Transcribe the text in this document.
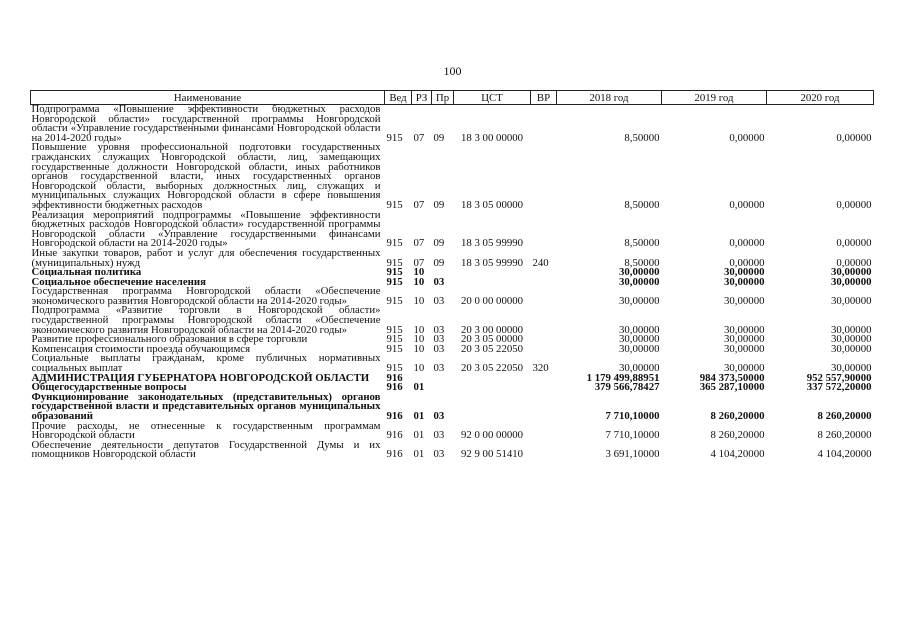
100
Наименование	Вед	РЗ	Пр	ЦСТ	ВР	2018 год	2019 год	2020 год
Подпрограмма «Повышение эффективности бюджетных расходов Новгородской области» государственной программы Новгородской области «Управление государственными финансами Новгородской области на 2014-2020 годы»	915	07	09	18 3 00 00000		8,50000	0,00000	0,00000
Повышение уровня профессиональной подготовки государственных гражданских служащих Новгородской области, лиц, замещающих государственные должности Новгородской области, иных работников органов государственной власти, иных государственных органов Новгородской области, выборных должностных лиц, служащих и муниципальных служащих Новгородской области в сфере повышения эффективности бюджетных расходов	915	07	09	18 3 05 00000		8,50000	0,00000	0,00000
Реализация мероприятий подпрограммы «Повышение эффективности бюджетных расходов Новгородской области» государственной программы Новгородской области «Управление государственными финансами Новгородской области на 2014-2020 годы»	915	07	09	18 3 05 99990		8,50000	0,00000	0,00000
Иные закупки товаров, работ и услуг для обеспечения государственных (муниципальных) нужд	915	07	09	18 3 05 99990	240	8,50000	0,00000	0,00000
Социальная политика	915	10				30,00000	30,00000	30,00000
Социальное обеспечение населения	915	10	03			30,00000	30,00000	30,00000
Государственная программа Новгородской области «Обеспечение экономического развития Новгородской области на 2014-2020 годы»	915	10	03	20 0 00 00000		30,00000	30,00000	30,00000
Подпрограмма «Развитие торговли в Новгородской области» государственной программы Новгородской области «Обеспечение экономического развития Новгородской области на 2014-2020 годы»	915	10	03	20 3 00 00000		30,00000	30,00000	30,00000
Развитие профессионального образования в сфере торговли	915	10	03	20 3 05 00000		30,00000	30,00000	30,00000
Компенсация стоимости проезда обучающимся	915	10	03	20 3 05 22050		30,00000	30,00000	30,00000
Социальные выплаты гражданам, кроме публичных нормативных социальных выплат	915	10	03	20 3 05 22050	320	30,00000	30,00000	30,00000
АДМИНИСТРАЦИЯ ГУБЕРНАТОРА НОВГОРОДСКОЙ ОБЛАСТИ	916					1 179 499,88951	984 373,50000	952 557,90000
Общегосударственные вопросы	916	01				379 566,78427	365 287,10000	337 572,20000
Функционирование законодательных (представительных) органов государственной власти и представительных органов муниципальных образований	916	01	03			7 710,10000	8 260,20000	8 260,20000
Прочие расходы, не отнесенные к государственным программам Новгородской области	916	01	03	92 0 00 00000		7 710,10000	8 260,20000	8 260,20000
Обеспечение деятельности депутатов Государственной Думы и их помощников Новгородской области	916	01	03	92 9 00 51410		3 691,10000	4 104,20000	4 104,20000
